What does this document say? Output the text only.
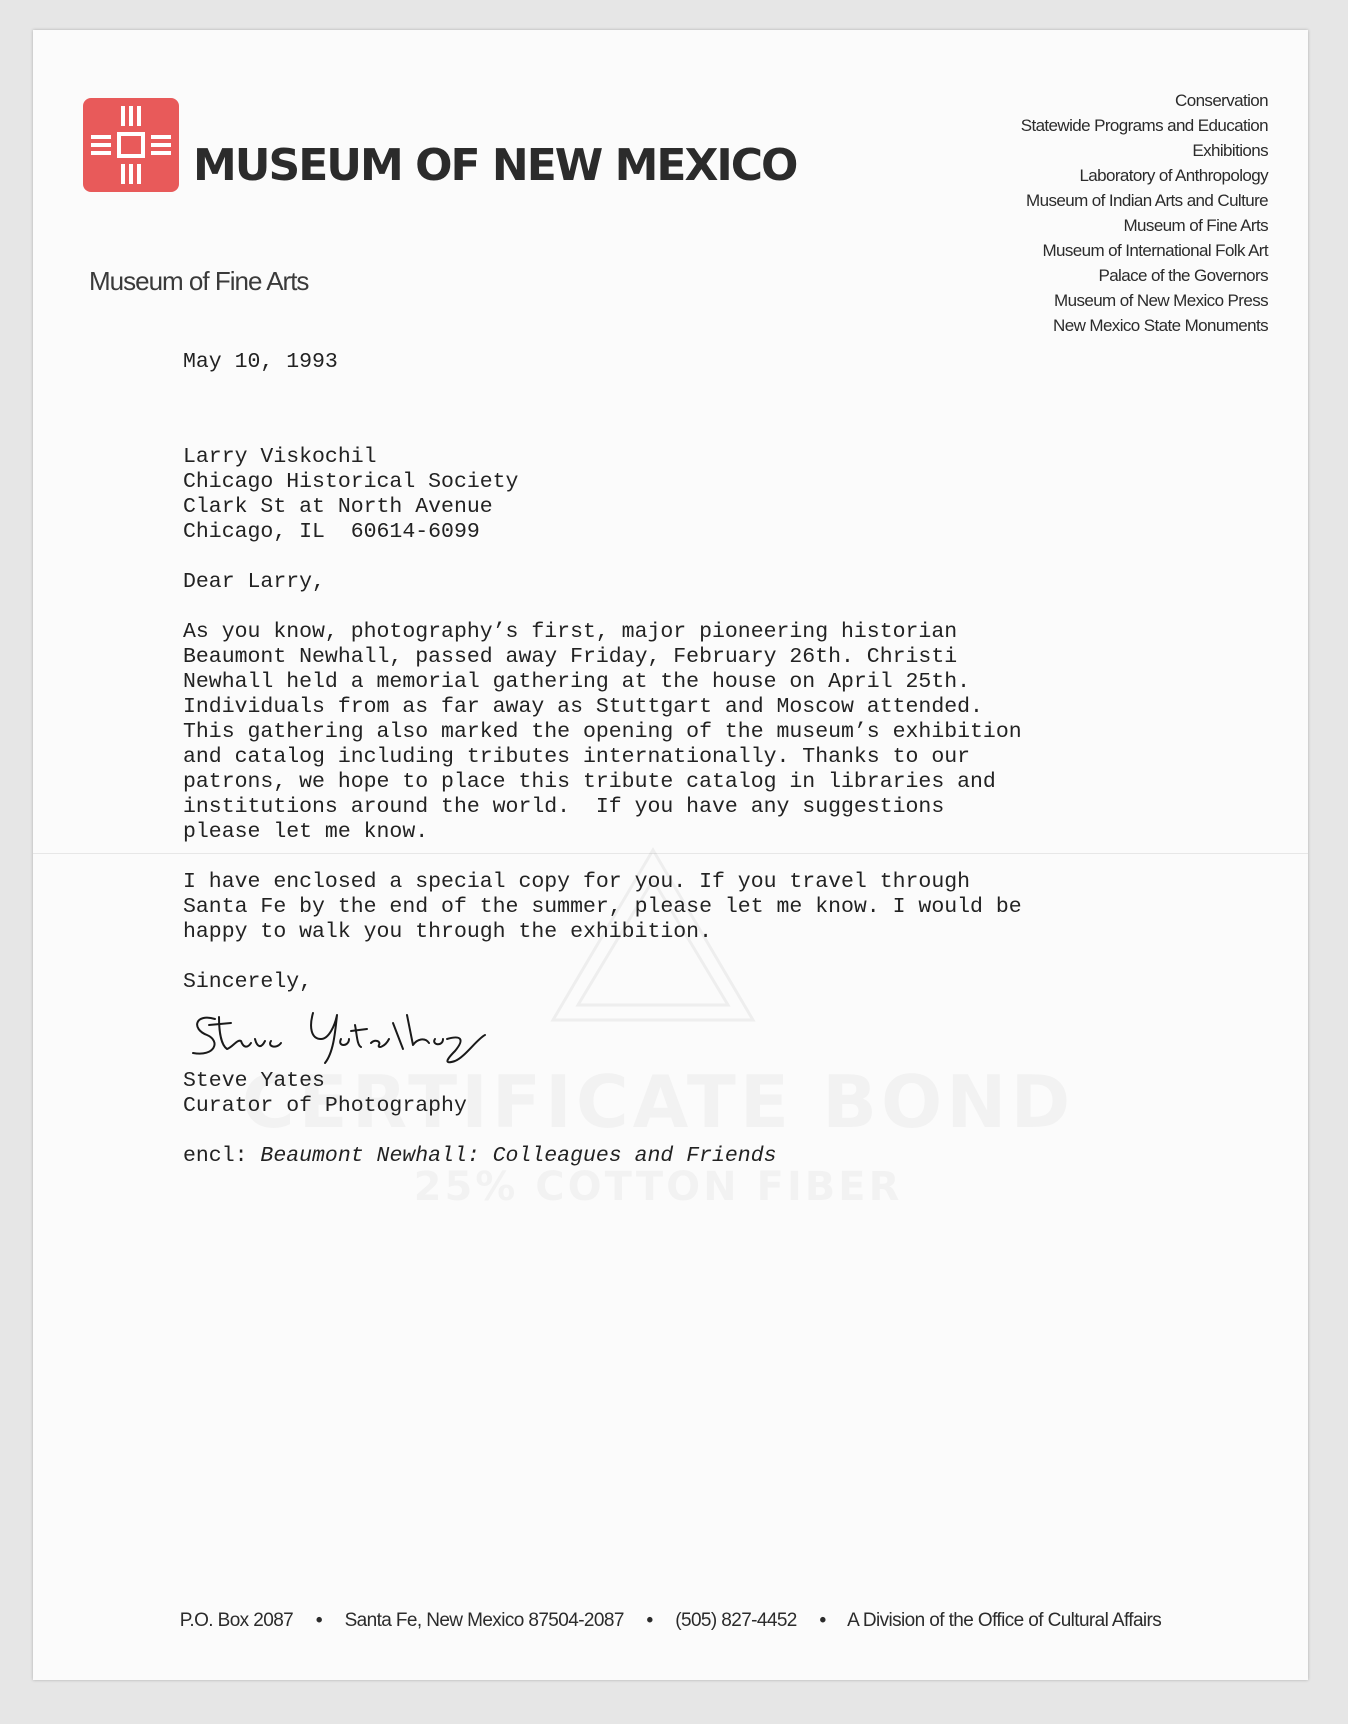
MUSEUM OF NEW MEXICO
Museum of Fine Arts
Conservation
Statewide Programs and Education
Exhibitions
Laboratory of Anthropology
Museum of Indian Arts and Culture
Museum of Fine Arts
Museum of International Folk Art
Palace of the Governors
Museum of New Mexico Press
New Mexico State Monuments

May 10, 1993

Larry Viskochil

Chicago Historical Society

Clark St at North Avenue

Chicago, IL  60614-6099

Dear Larry,

As you know, photography’s first, major pioneering historian

Beaumont Newhall, passed away Friday, February 26th. Christi

Newhall held a memorial gathering at the house on April 25th.

Individuals from as far away as Stuttgart and Moscow attended.

This gathering also marked the opening of the museum’s exhibition

and catalog including tributes internationally. Thanks to our

patrons, we hope to place this tribute catalog in libraries and

institutions around the world.  If you have any suggestions

please let me know.

I have enclosed a special copy for you. If you travel through

Santa Fe by the end of the summer, please let me know. I would be

happy to walk you through the exhibition.

Sincerely,

Steve Yates

Curator of Photography

encl: Beaumont Newhall: Colleagues and Friends

P.O. Box 2087 • Santa Fe, New Mexico 87504-2087 • (505) 827-4452 • A Division of the Office of Cultural Affairs
